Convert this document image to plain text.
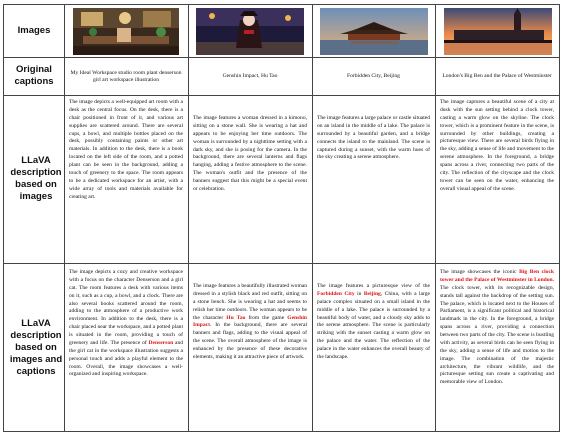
Images
Original captions
LLaVA description based on images
LLaVA description based on images and captions
My Ideal Workspace studio room plant denserson girl art workspace illustration
Genshin Impact, Hu Tao	Forbidden City, Beijing	London's Big Ben and the Palace of Westminster
The image depicts a well-equipped art room with a desk as the central focus. On the desk, there is a chair positioned in front of it, and various art supplies are scattered around. There are several cups, a bowl, and multiple bottles placed on the desk, possibly containing paints or other art materials. In addition to the desk, there is a book located on the left side of the room, and a potted plant can be seen in the background, adding a touch of greenery to the space. The room appears to be a dedicated workspace for an artist, with a wide array of tools and materials available for creating art.
The image features a woman dressed in a kimono, sitting on a stone wall. She is wearing a hat and appears to be enjoying her time outdoors. The woman is surrounded by a nighttime setting with a dark sky, and she is posing for the camera. In the background, there are several lanterns and flags hanging, adding a festive atmosphere to the scene. The woman's outfit and the presence of the banners suggest that this might be a special event or celebration.
The image features a large palace or castle situated on an island in the middle of a lake. The palace is surrounded by a beautiful garden, and a bridge connects the island to the mainland. The scene is captured during a sunset, with the warm hues of the sky creating a serene atmosphere.
The image captures a beautiful scene of a city at dusk with the sun setting behind a clock tower, casting a warm glow on the skyline. The clock tower, which is a prominent feature in the scene, is surrounded by other buildings, creating a picturesque view. There are several birds flying in the sky, adding a sense of life and movement to the serene atmosphere. In the foreground, a bridge spans across a river, connecting two parts of the city. The reflection of the cityscape and the clock tower can be seen on the water, enhancing the overall visual appeal of the scene.
The image depicts a cozy and creative workspace with a focus on the character Denserson and a girl cat. The room features a desk with various items on it, such as a cup, a bowl, and a clock. There are also several books scattered around the room, adding to the atmosphere of a productive work environment. In addition to the desk, there is a chair placed near the workspace, and a potted plant is situated in the room, providing a touch of greenery and life. The presence of Denserson and the girl cat in the workspace illustration suggests a personal touch and adds a playful element to the room. Overall, the image showcases a well-organized and inspiring workspace.
The image features a beautifully illustrated woman dressed in a stylish black and red outfit, sitting on a stone bench. She is wearing a hat and seems to relish her time outdoors. The woman appears to be the character Hu Tao from the game Genshin Impact. In the background, there are several banners and flags, adding to the visual appeal of the scene. The overall atmosphere of the image is enhanced by the presence of these decorative elements, making it an attractive piece of artwork.
The image features a picturesque view of the Forbidden City in Beijing, China, with a large palace complex situated on a small island in the middle of a lake. The palace is surrounded by a beautiful body of water, and a cloudy sky adds to the serene atmosphere. The scene is particularly striking with the sunset casting a warm glow on the palace and the water. The reflection of the palace in the water enhances the overall beauty of the landscape.
The image showcases the iconic Big Ben clock tower and the Palace of Westminster in London. The clock tower, with its recognizable design, stands tall against the backdrop of the setting sun. The palace, which is located next to the Houses of Parliament, is a significant political and historical landmark in the city. In the foreground, a bridge spans across a river, providing a connection between two parts of the city. The scene is bustling with activity, as several birds can be seen flying in the sky, adding a sense of life and motion to the image. The combination of the majestic architecture, the vibrant wildlife, and the picturesque setting sun create a captivating and memorable view of London.
